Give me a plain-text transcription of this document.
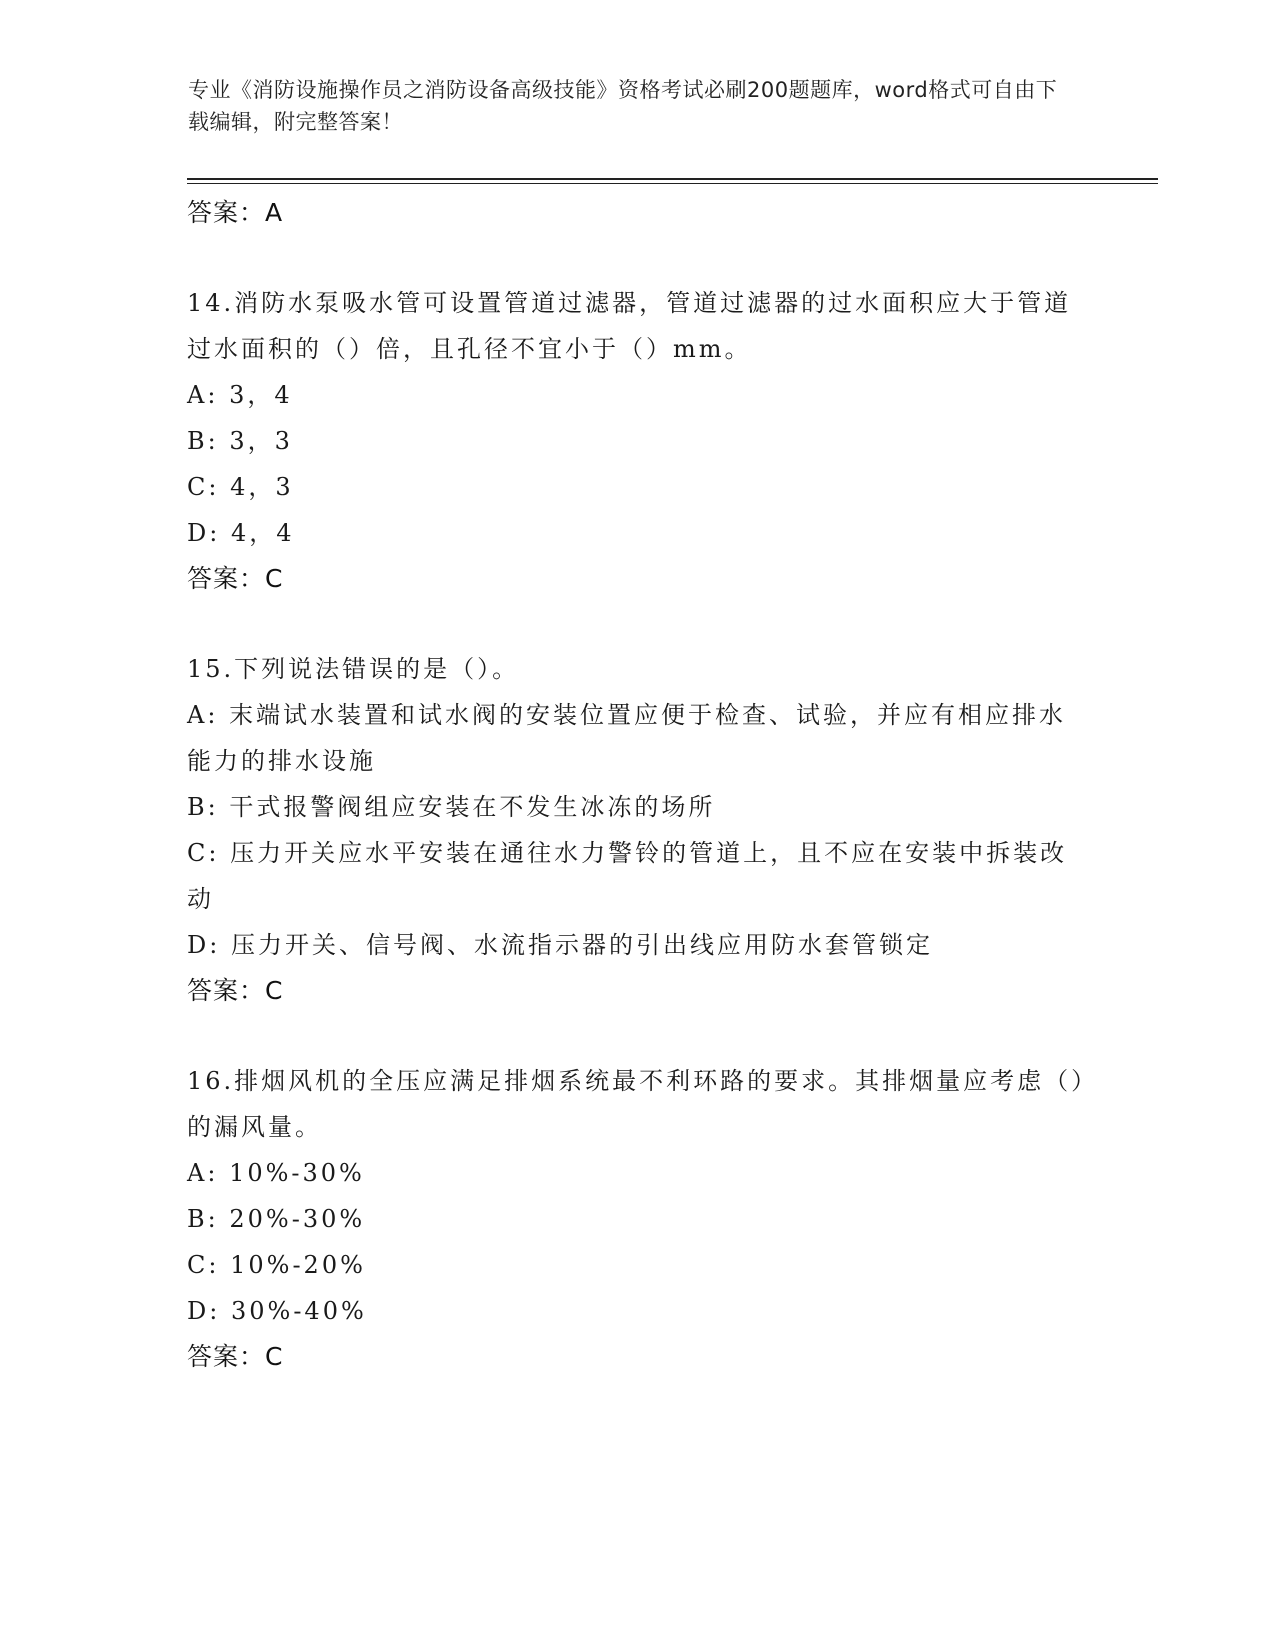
专业《消防设施操作员之消防设备高级技能》资格考试必刷200题题库，word格式可自由下载编辑，附完整答案！
答案：A
14.消防水泵吸水管可设置管道过滤器，管道过滤器的过水面积应大于管道过水面积的（）倍，且孔径不宜小于（）mm。
A: 3，4
B: 3，3
C: 4，3
D: 4，4
答案：C
15.下列说法错误的是（）。
A: 末端试水装置和试水阀的安装位置应便于检查、试验，并应有相应排水能力的排水设施
B: 干式报警阀组应安装在不发生冰冻的场所
C: 压力开关应水平安装在通往水力警铃的管道上，且不应在安装中拆装改动
D: 压力开关、信号阀、水流指示器的引出线应用防水套管锁定
答案：C
16.排烟风机的全压应满足排烟系统最不利环路的要求。其排烟量应考虑（）的漏风量。
A: 10%-30%
B: 20%-30%
C: 10%-20%
D: 30%-40%
答案：C
